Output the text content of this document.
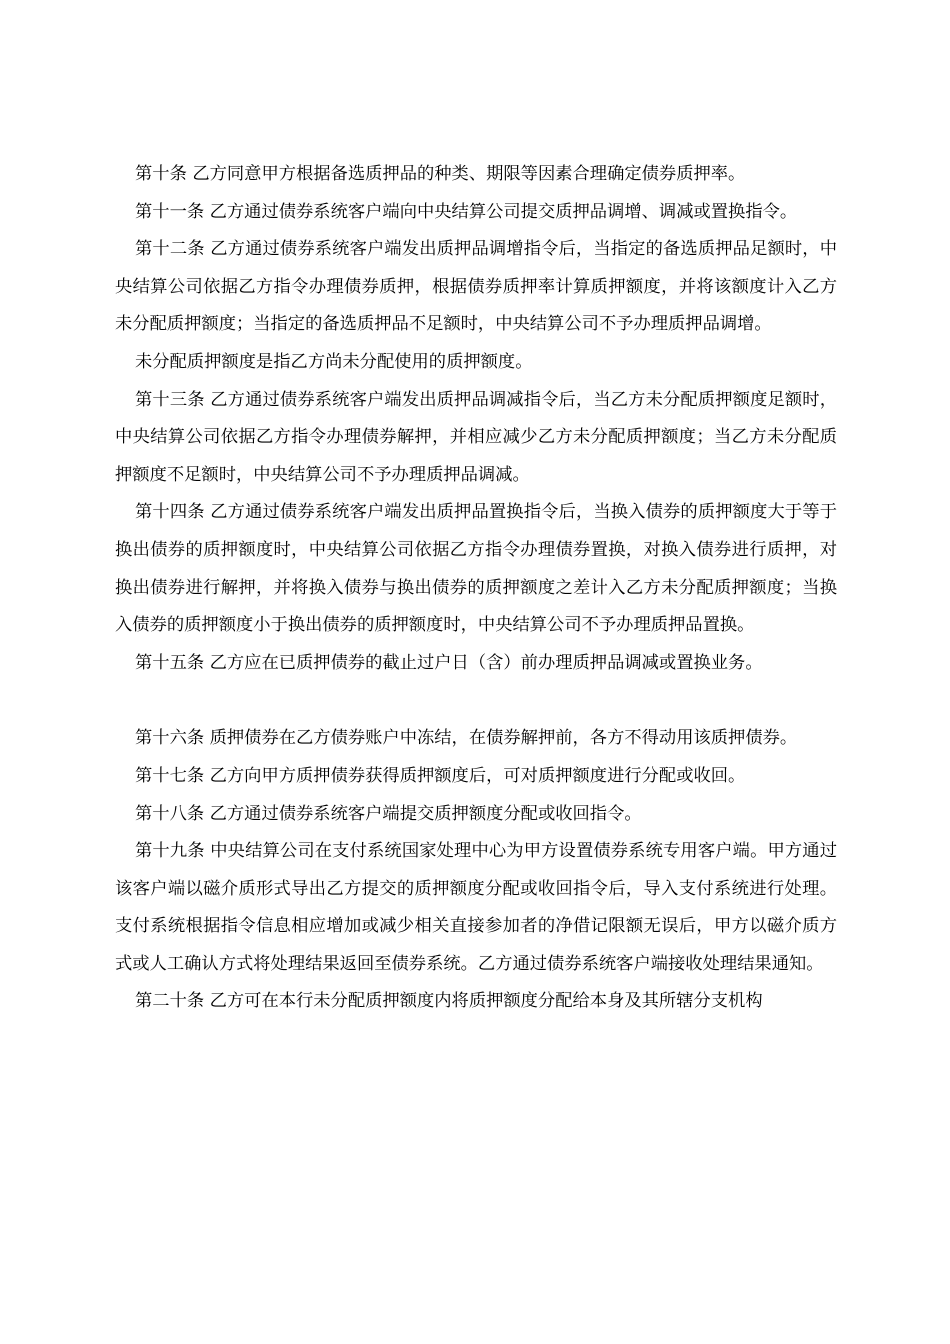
第十条 乙方同意甲方根据备选质押品的种类、期限等因素合理确定债券质押率。

第十一条 乙方通过债券系统客户端向中央结算公司提交质押品调增、调减或置换指令。

第十二条 乙方通过债券系统客户端发出质押品调增指令后，当指定的备选质押品足额时，中央结算公司依据乙方指令办理债券质押，根据债券质押率计算质押额度，并将该额度计入乙方未分配质押额度；当指定的备选质押品不足额时，中央结算公司不予办理质押品调增。

未分配质押额度是指乙方尚未分配使用的质押额度。

第十三条 乙方通过债券系统客户端发出质押品调减指令后，当乙方未分配质押额度足额时，中央结算公司依据乙方指令办理债券解押，并相应减少乙方未分配质押额度；当乙方未分配质押额度不足额时，中央结算公司不予办理质押品调减。

第十四条 乙方通过债券系统客户端发出质押品置换指令后，当换入债券的质押额度大于等于换出债券的质押额度时，中央结算公司依据乙方指令办理债券置换，对换入债券进行质押，对换出债券进行解押，并将换入债券与换出债券的质押额度之差计入乙方未分配质押额度；当换入债券的质押额度小于换出债券的质押额度时，中央结算公司不予办理质押品置换。

第十五条 乙方应在已质押债券的截止过户日（含）前办理质押品调减或置换业务。

第十六条 质押债券在乙方债券账户中冻结，在债券解押前，各方不得动用该质押债券。

第十七条 乙方向甲方质押债券获得质押额度后，可对质押额度进行分配或收回。

第十八条 乙方通过债券系统客户端提交质押额度分配或收回指令。

第十九条 中央结算公司在支付系统国家处理中心为甲方设置债券系统专用客户端。甲方通过该客户端以磁介质形式导出乙方提交的质押额度分配或收回指令后，导入支付系统进行处理。支付系统根据指令信息相应增加或减少相关直接参加者的净借记限额无误后，甲方以磁介质方式或人工确认方式将处理结果返回至债券系统。乙方通过债券系统客户端接收处理结果通知。

第二十条 乙方可在本行未分配质押额度内将质押额度分配给本身及其所辖分支机构
